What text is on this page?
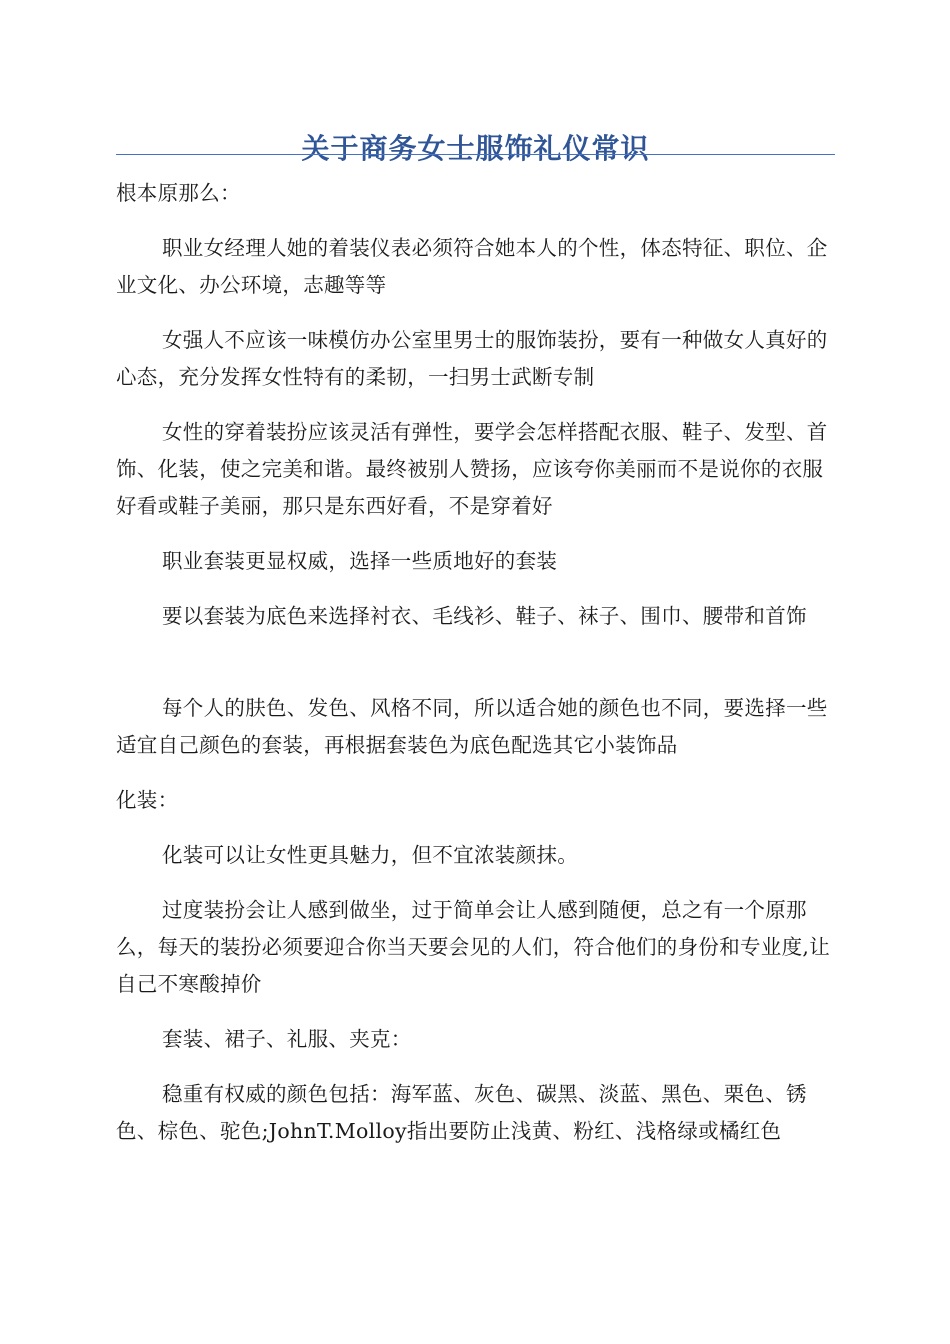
关于商务女士服饰礼仪常识

根本原那么：

职业女经理人她的着装仪表必须符合她本人的个性，体态特征、职位、企业文化、办公环境，志趣等等

女强人不应该一味模仿办公室里男士的服饰装扮，要有一种做女人真好的心态，充分发挥女性特有的柔韧，一扫男士武断专制

女性的穿着装扮应该灵活有弹性，要学会怎样搭配衣服、鞋子、发型、首饰、化装，使之完美和谐。最终被别人赞扬，应该夸你美丽而不是说你的衣服好看或鞋子美丽，那只是东西好看，不是穿着好

职业套装更显权威，选择一些质地好的套装

要以套装为底色来选择衬衣、毛线衫、鞋子、袜子、围巾、腰带和首饰

每个人的肤色、发色、风格不同，所以适合她的颜色也不同，要选择一些适宜自己颜色的套装，再根据套装色为底色配选其它小装饰品

化装：

化装可以让女性更具魅力，但不宜浓装颜抹。

过度装扮会让人感到做坐，过于简单会让人感到随便，总之有一个原那么，每天的装扮必须要迎合你当天要会见的人们，符合他们的身份和专业度,让自己不寒酸掉价

套装、裙子、礼服、夹克：

稳重有权威的颜色包括：海军蓝、灰色、碳黑、淡蓝、黑色、栗色、锈色、棕色、驼色;JohnT.Molloy指出要防止浅黄、粉红、浅格绿或橘红色
